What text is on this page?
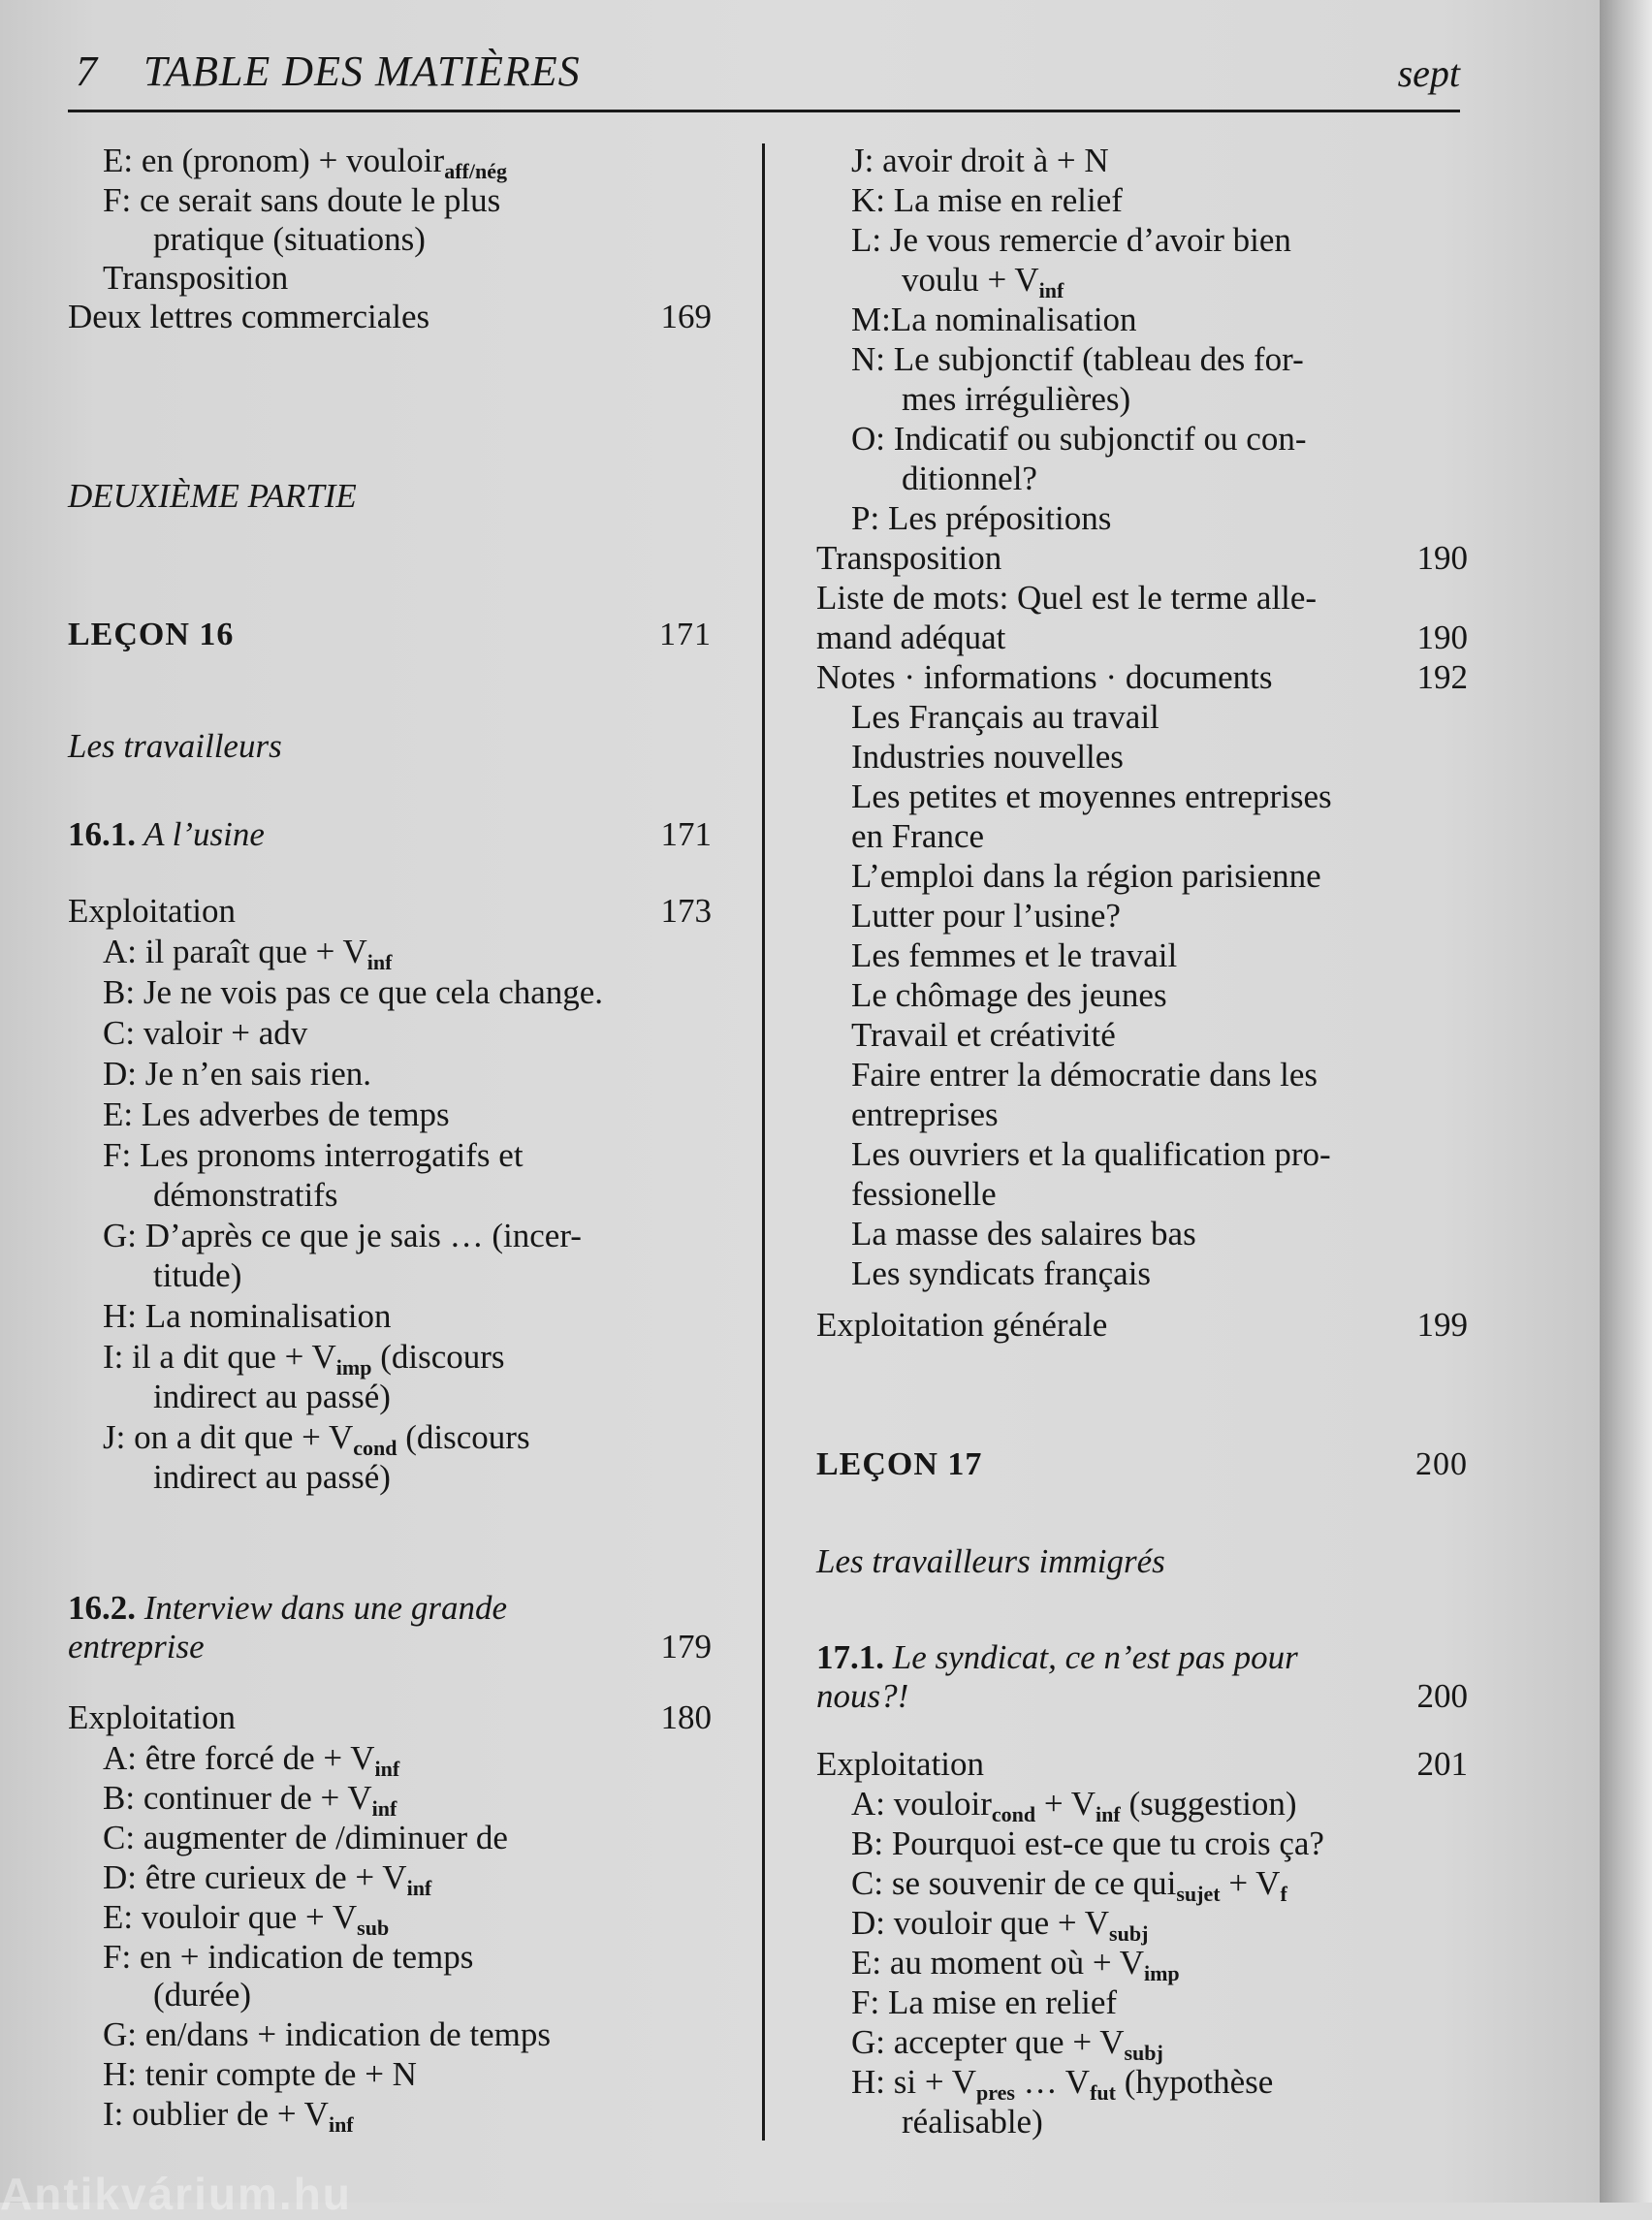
7 TABLE DES MATIÈRES	sept
E: en (pronom) + vouloir$_{aff/nég}$
F: ce serait sans doute le plus
pratique (situations)
Transposition
Deux lettres commerciales	169
DEUXIÈME PARTIE
LEÇON 16	171
Les travailleurs
16.1. A l’usine	171
Exploitation	173
A: il paraît que + $V_{inf}$
B: Je ne vois pas ce que cela change.
C: valoir + adv
D: Je n’en sais rien.
E: Les adverbes de temps
F: Les pronoms interrogatifs et
démonstratifs
G: D’après ce que je sais … (incer-
titude)
H: La nominalisation
I: il a dit que + $V_{imp}$ (discours
indirect au passé)
J: on a dit que + $V_{cond}$ (discours
indirect au passé)
16.2. Interview dans une grande
entreprise	179
Exploitation	180
A: être forcé de + $V_{inf}$
B: continuer de + $V_{inf}$
C: augmenter de /diminuer de
D: être curieux de + $V_{inf}$
E: vouloir que + $V_{sub}$
F: en + indication de temps
(durée)
G: en/dans + indication de temps
H: tenir compte de + N
I: oublier de + $V_{inf}$
J: avoir droit à + N
K: La mise en relief
L: Je vous remercie d’avoir bien
voulu + $V_{inf}$
M:La nominalisation
N: Le subjonctif (tableau des for-
mes irrégulières)
O: Indicatif ou subjonctif ou con-
ditionnel?
P: Les prépositions
Transposition	190
Liste de mots: Quel est le terme alle-
mand adéquat	190
Notes · informations · documents	192
Les Français au travail
Industries nouvelles
Les petites et moyennes entreprises
en France
L’emploi dans la région parisienne
Lutter pour l’usine?
Les femmes et le travail
Le chômage des jeunes
Travail et créativité
Faire entrer la démocratie dans les
entreprises
Les ouvriers et la qualification pro-
fessionelle
La masse des salaires bas
Les syndicats français
Exploitation générale	199
LEÇON 17	200
Les travailleurs immigrés
17.1. Le syndicat, ce n’est pas pour
nous?!	200
Exploitation	201
A: vouloir$_{cond}$ + $V_{inf}$ (suggestion)
B: Pourquoi est-ce que tu crois ça?
C: se souvenir de ce $qui_{sujet} + V_f$
D: vouloir que + $V_{subj}$
E: au moment où + $V_{imp}$
F: La mise en relief
G: accepter que + $V_{subj}$
H: si + $V_{pres}$ … $V_{fut}$ (hypothèse
réalisable)
Antikvárium.hu
